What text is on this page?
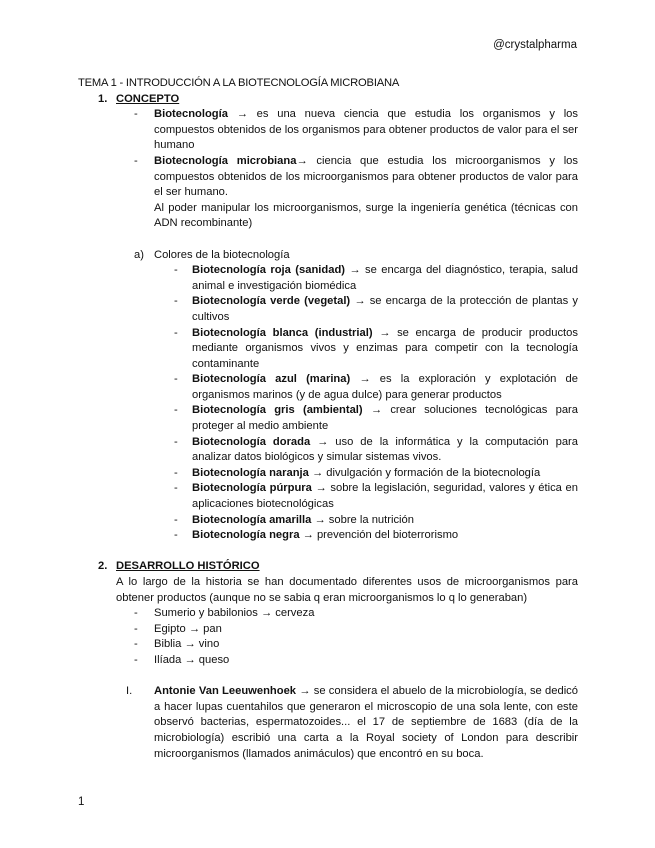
@crystalpharma

TEMA 1 - INTRODUCCIÓN A LA BIOTECNOLOGÍA MICROBIANA

1. CONCEPTO

- Biotecnología → es una nueva ciencia que estudia los organismos y los compuestos obtenidos de los organismos para obtener productos de valor para el ser humano
- Biotecnología microbiana→ ciencia que estudia los microorganismos y los compuestos obtenidos de los microorganismos para obtener productos de valor para el ser humano.

Al poder manipular los microorganismos, surge la ingeniería genética (técnicas con ADN recombinante)

a) Colores de la biotecnología

- Biotecnología roja (sanidad) → se encarga del diagnóstico, terapia, salud animal e investigación biomédica
- Biotecnología verde (vegetal) → se encarga de la protección de plantas y cultivos
- Biotecnología blanca (industrial) → se encarga de producir productos mediante organismos vivos y enzimas para competir con la tecnología contaminante
- Biotecnología azul (marina) → es la exploración y explotación de organismos marinos (y de agua dulce) para generar productos
- Biotecnología gris (ambiental) → crear soluciones tecnológicas para proteger al medio ambiente
- Biotecnología dorada → uso de la informática y la computación para analizar datos biológicos y simular sistemas vivos.
- Biotecnología naranja → divulgación y formación de la biotecnología
- Biotecnología púrpura → sobre la legislación, seguridad, valores y ética en aplicaciones biotecnológicas
- Biotecnología amarilla → sobre la nutrición
- Biotecnología negra → prevención del bioterrorismo

2. DESARROLLO HISTÓRICO

A lo largo de la historia se han documentado diferentes usos de microorganismos para obtener productos (aunque no se sabia q eran microorganismos lo q lo generaban)

- Sumerio y babilonios → cerveza
- Egipto → pan
- Biblia → vino
- Ilíada → queso

I. Antonie Van Leeuwenhoek → se considera el abuelo de la microbiología, se dedicó a hacer lupas cuentahilos que generaron el microscopio de una sola lente, con este observó bacterias, espermatozoides... el 17 de septiembre de 1683 (día de la microbiología) escribió una carta a la Royal society of London para describir microorganismos (llamados animáculos) que encontró en su boca.

1
